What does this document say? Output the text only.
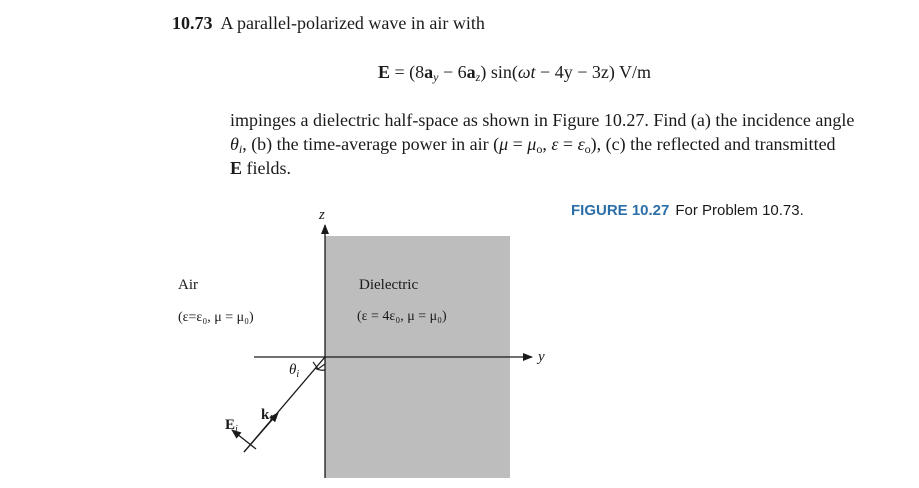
10.73 A parallel-polarized wave in air with
$E = (8a_y - 6a_z) \sin(\omega t - 4y - 3z)$ V/m
impinges a dielectric half-space as shown in Figure 10.27. Find (a) the incidence angle
$\theta_i$, (b) the time-average power in air ($\mu = \mu_o$, $\varepsilon = \varepsilon_o$), (c) the reflected and transmitted
E fields.
FIGURE 10.27 For Problem 10.73.
z
y
Air
(ε=ε₀, μ = μ₀)
Dielectric
(ε = 4ε₀, μ = μ₀)
$\theta_i$
$k_i$
$E_i$
